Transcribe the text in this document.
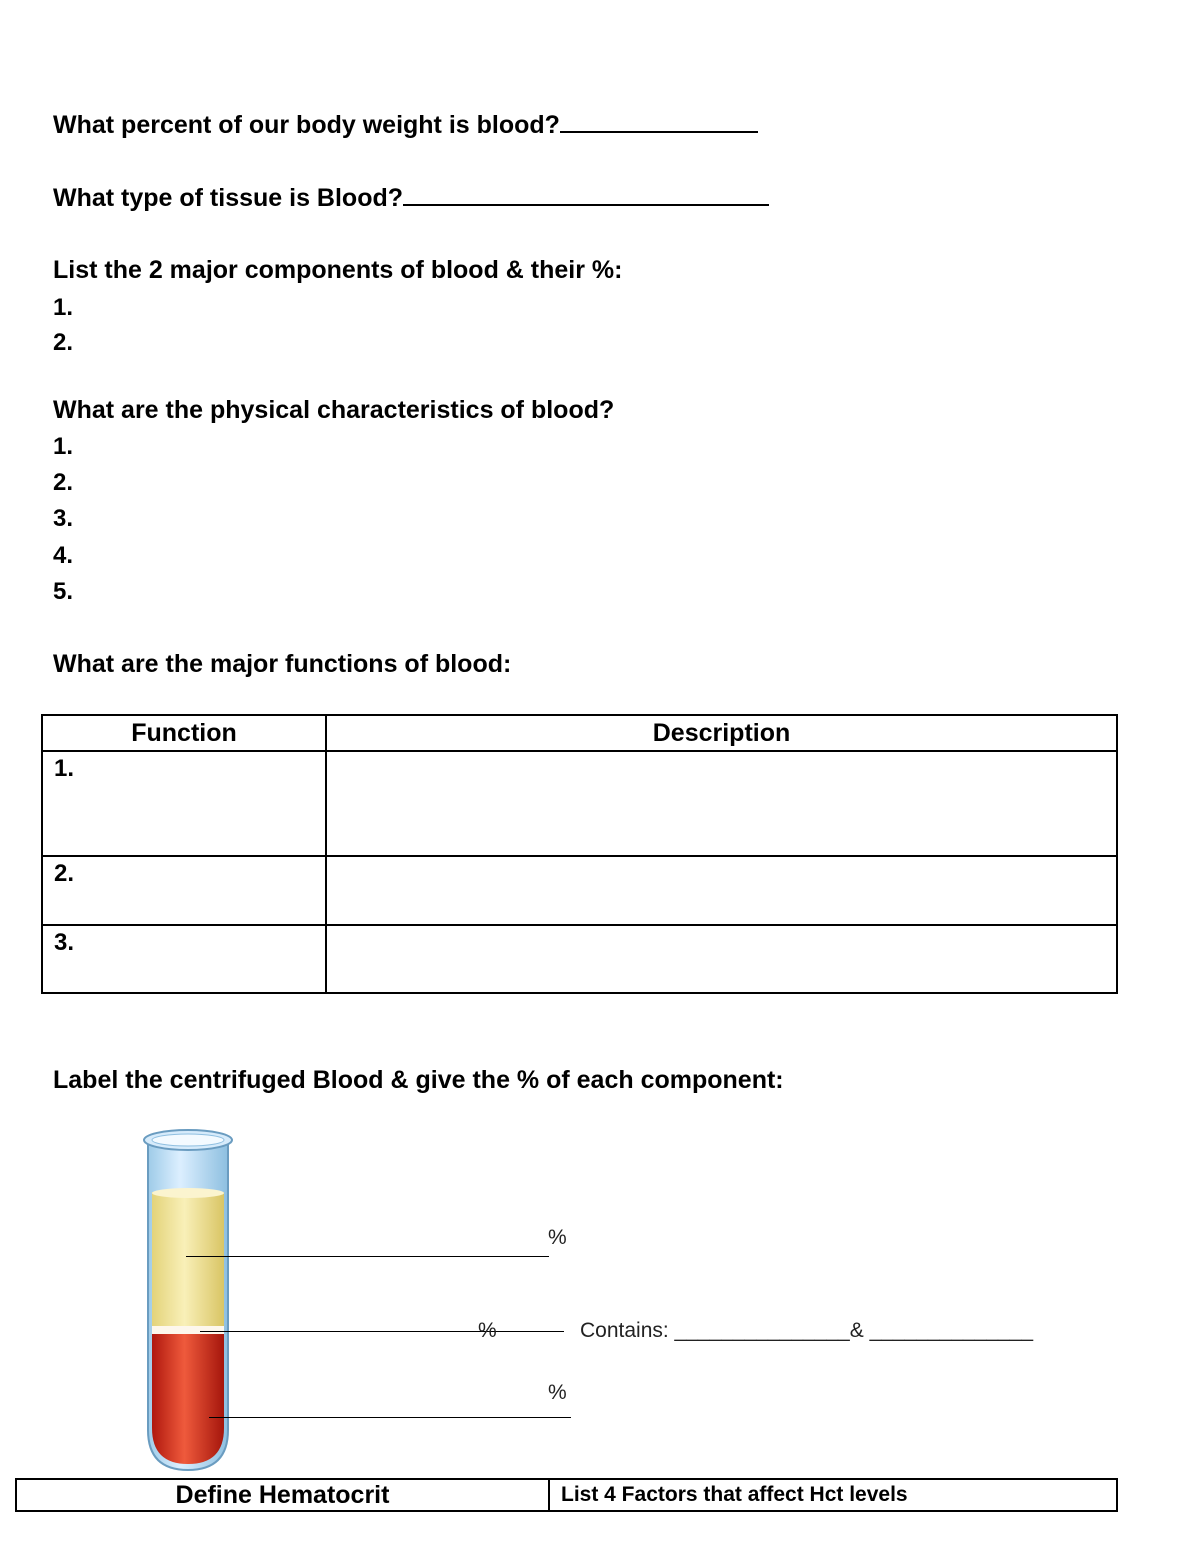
What percent of our body weight is blood?
What type of tissue is Blood?
List the 2 major components of blood & their %:
1.
2.
What are the physical characteristics of blood?
1.
2.
3.
4.
5.
What are the major functions of blood:
Function	Description
1.	
2.	
3.	
Label the centrifuged Blood & give the % of each component:
%
%	Contains: _______________& ______________
%
Define Hematocrit	List 4 Factors that affect Hct levels
